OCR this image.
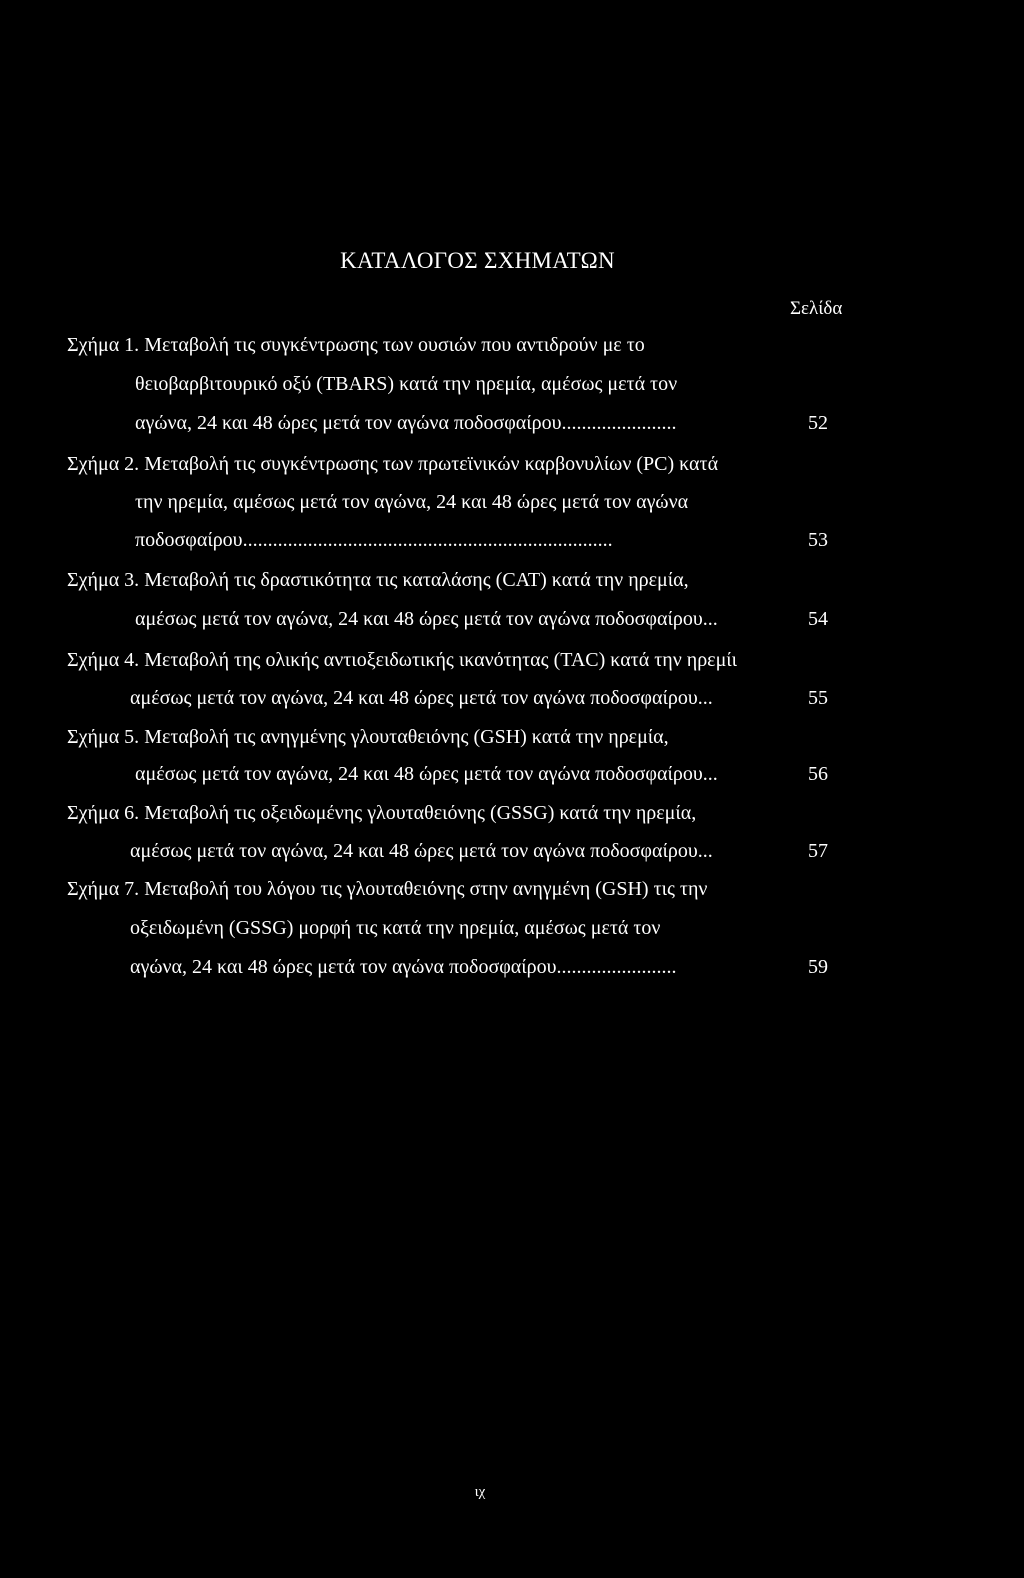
ΚΑΤΑΛΟΓΟΣ ΣΧΗΜΑΤΩΝ
Σελίδα
Σχήμα 1. Μεταβολή τις συγκέντρωσης των ουσιών που αντιδρούν με το
θειοβαρβιτουρικό οξύ (TBARS) κατά την ηρεμία, αμέσως μετά τον
αγώνα, 24 και 48 ώρες μετά τον αγώνα ποδοσφαίρου.......................	52
Σχήμα 2. Μεταβολή τις συγκέντρωσης των πρωτεϊνικών καρβονυλίων (PC) κατά
την ηρεμία, αμέσως μετά τον αγώνα, 24 και 48 ώρες μετά τον αγώνα
ποδοσφαίρου..........................................................................	53
Σχήμα 3. Μεταβολή τις δραστικότητα τις καταλάσης (CAT) κατά την ηρεμία,
αμέσως μετά τον αγώνα, 24 και 48 ώρες μετά τον αγώνα ποδοσφαίρου...	54
Σχήμα 4. Μεταβολή της ολικής αντιοξειδωτικής ικανότητας (TAC) κατά την ηρεμίι
αμέσως μετά τον αγώνα, 24 και 48 ώρες μετά τον αγώνα ποδοσφαίρου...	55
Σχήμα 5. Μεταβολή τις ανηγμένης γλουταθειόνης (GSH) κατά την ηρεμία,
αμέσως μετά τον αγώνα, 24 και 48 ώρες μετά τον αγώνα ποδοσφαίρου...	56
Σχήμα 6. Μεταβολή τις οξειδωμένης γλουταθειόνης (GSSG) κατά την ηρεμία,
αμέσως μετά τον αγώνα, 24 και 48 ώρες μετά τον αγώνα ποδοσφαίρου...	57
Σχήμα 7. Μεταβολή του λόγου τις γλουταθειόνης στην ανηγμένη (GSH) τις την
οξειδωμένη (GSSG) μορφή τις κατά την ηρεμία, αμέσως μετά τον
αγώνα, 24 και 48 ώρες μετά τον αγώνα ποδοσφαίρου........................	59
ιχ
